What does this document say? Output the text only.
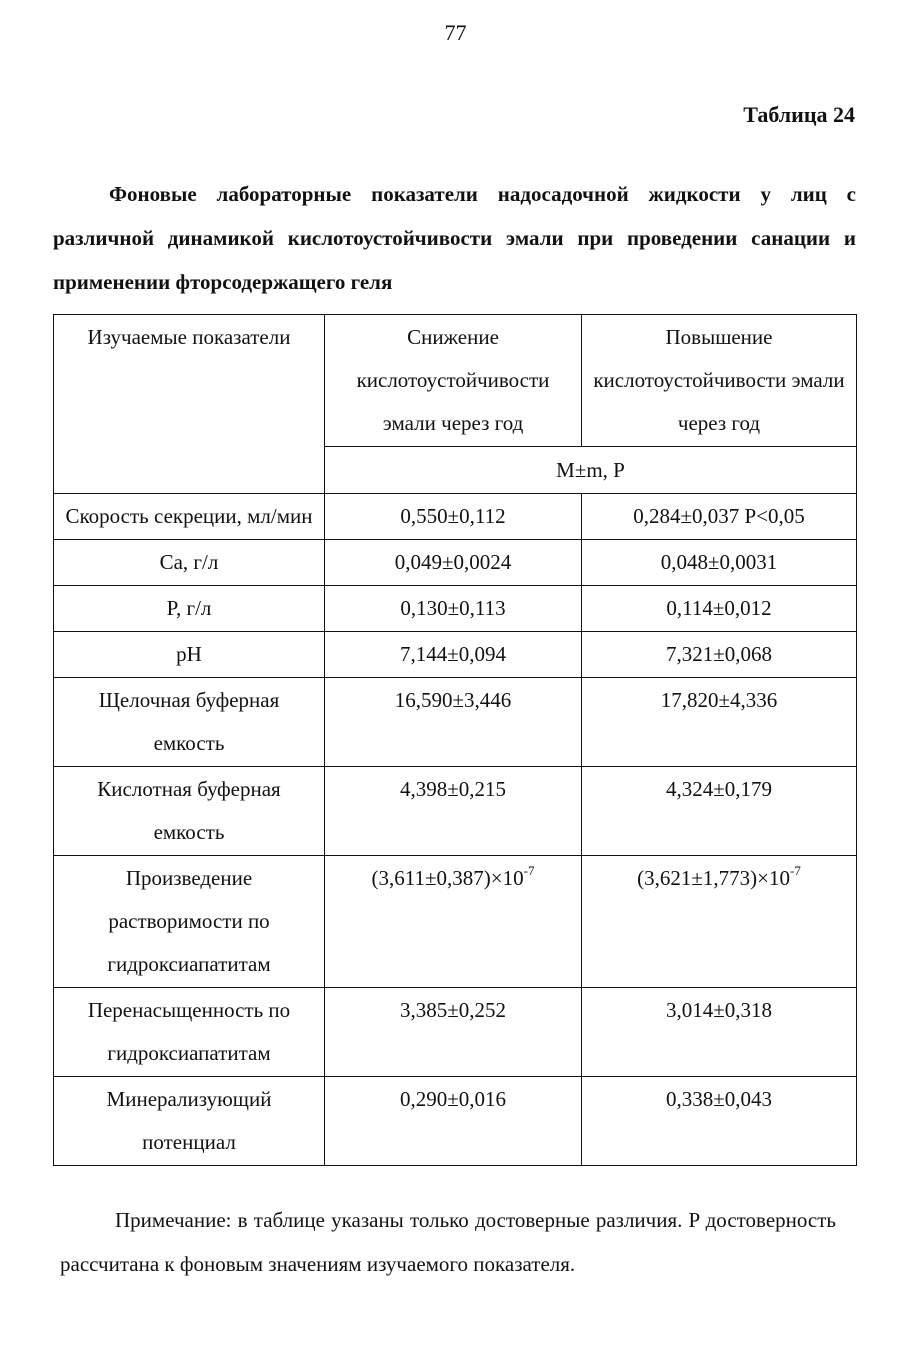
77
Таблица 24
Фоновые лабораторные показатели надосадочной жидкости у лиц с различной динамикой кислотоустойчивости эмали при проведении санации и применении фторсодержащего геля
Изучаемые показатели	Снижение кислотоустойчивости эмали через год	Повышение кислотоустойчивости эмали через год
	M±m, P	
Скорость секреции, мл/мин	0,550±0,112	0,284±0,037 P<0,05
Ca, г/л	0,049±0,0024	0,048±0,0031
P, г/л	0,130±0,113	0,114±0,012
pH	7,144±0,094	7,321±0,068
Щелочная буферная емкость	16,590±3,446	17,820±4,336
Кислотная буферная емкость	4,398±0,215	4,324±0,179
Произведение растворимости по гидроксиапатитам	$(3,611\pm 0,387)\times 10^{-7}$	$(3,621\pm 1,773)\times 10^{-7}$
Перенасыщенность по гидроксиапатитам	3,385±0,252	3,014±0,318
Минерализующий потенциал	0,290±0,016	0,338±0,043
Примечание: в таблице указаны только достоверные различия. P достоверность рассчитана к фоновым значениям изучаемого показателя.
